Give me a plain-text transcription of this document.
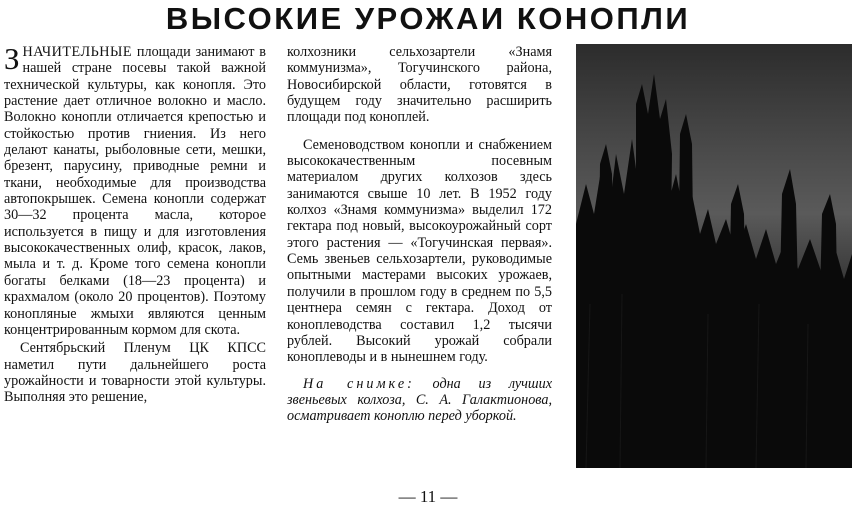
ВЫСОКИЕ УРОЖАИ КОНОПЛИ

ЗНАЧИТЕЛЬНЫЕ площади занимают в нашей стране посевы такой важной технической культуры, как конопля. Это растение дает отличное волокно и масло. Волокно конопли отличается крепостью и стойкостью против гниения. Из него делают канаты, рыболовные сети, мешки, брезент, парусину, приводные ремни и ткани, необходимые для производства автопокрышек. Семена конопли содержат 30—32 процента масла, которое используется в пищу и для изготовления высококачественных олиф, красок, лаков, мыла и т. д. Кроме того семена конопли богаты белками (18—23 процента) и крахмалом (около 20 процентов). Поэтому конопляные жмыхи являются ценным концентрированным кормом для скота.

Сентябрьский Пленум ЦК КПСС наметил пути дальнейшего роста урожайности и товарности этой культуры. Выполняя это решение,

колхозники сельхозартели «Знамя коммунизма», Тогучинского района, Новосибирской области, готовятся в будущем году значительно расширить площади под коноплей.

Семеноводством конопли и снабжением высококачественным посевным материалом других колхозов здесь занимаются свыше 10 лет. В 1952 году колхоз «Знамя коммунизма» выделил 172 гектара под новый, высокоурожайный сорт этого растения — «Тогучинская первая». Семь звеньев сельхозартели, руководимые опытными мастерами высоких урожаев, получили в прошлом году в среднем по 5,5 центнера семян с гектара. Доход от коноплеводства составил 1,2 тысячи рублей. Высокий урожай собрали коноплеводы и в нынешнем году.

На снимке: одна из лучших звеньевых колхоза, С. А. Галактионова, осматривает коноплю перед уборкой.

— 11 —
